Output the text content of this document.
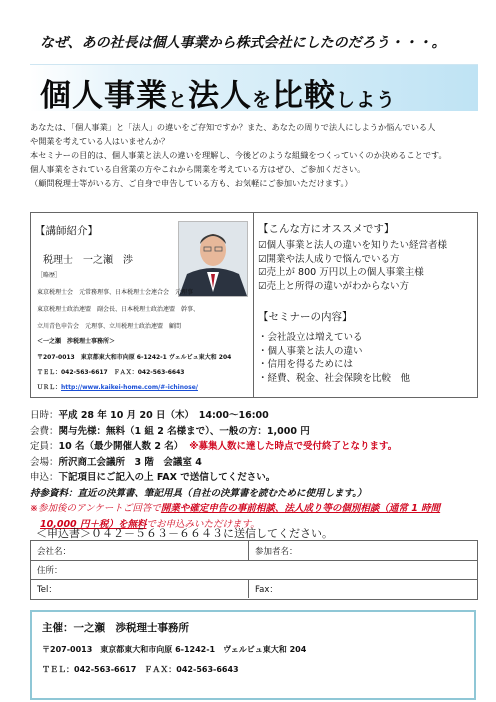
なぜ、あの社長は個人事業から株式会社にしたのだろう・・・。
個人事業と法人を比較しよう

あなたは、「個人事業」と「法人」の違いをご存知ですか？また、あなたの周りで法人にしようか悩んでいる人

や開業を考えている人はいませんか？

本セミナーの目的は、個人事業と法人の違いを理解し、今後どのような組織をつくっていくのか決めることです。

個人事業をされている自営業の方やこれから開業を考えている方はぜひ、ご参加ください。

（顧問税理士等がいる方、ご自身で申告している方も、お気軽にご参加いただけます。）

【講師紹介】
税理士　一之瀬　渉
［略歴］
東京税理士会　元常務理事、日本税理士会連合会　元理事
東京税理士政治連盟　副会長、日本税理士政治連盟　幹事、
立川青色申告会　元理事、立川税理士政治連盟　顧問
＜一之瀬　渉税理士事務所＞
〒207-0013　東京都東大和市向原 6-1242-1 ヴェルビュ東大和 204
ＴＥＬ：042-563-6617　ＦＡＸ：042-563-6643
ＵＲＬ：http://www.kaikei-home.com/#-ichinose/
【こんな方にオススメです】
☑個人事業と法人の違いを知りたい経営者様
☑開業や法人成りで悩んでいる方
☑売上が 800 万円以上の個人事業主様
☑売上と所得の違いがわからない方
【セミナーの内容】
・会社設立は増えている
・個人事業と法人の違い
・信用を得るためには
・経費、税金、社会保険を比較　他
日時：平成 28 年 10 月 20 日（木）　14:00～16:00
会費：関与先様：無料（1 組 2 名様まで）、一般の方：1,000 円
定員：10 名（最少開催人数 2 名） ※募集人数に達した時点で受付終了となります。
会場：所沢商工会議所　3 階　会議室 4
申込：下記項目にご記入の上 FAX で送信してください。
持参資料：直近の決算書、筆記用具（自社の決算書を読むために使用します。）
※参加後のアンケートご回答で開業や確定申告の事前相談、法人成り等の個別相談（通常 1 時間
10,000 円＋税）を無料でお申込みいただけます。
＜申込書＞０４２－５６３－６６４３に送信してください。
会社名：	参加者名：
住所：
Tel：	Fax：
主催：一之瀬　渉税理士事務所
〒207-0013　東京都東大和市向原 6-1242-1　ヴェルビュ東大和 204
ＴＥＬ：042-563-6617　ＦＡＸ：042-563-6643
